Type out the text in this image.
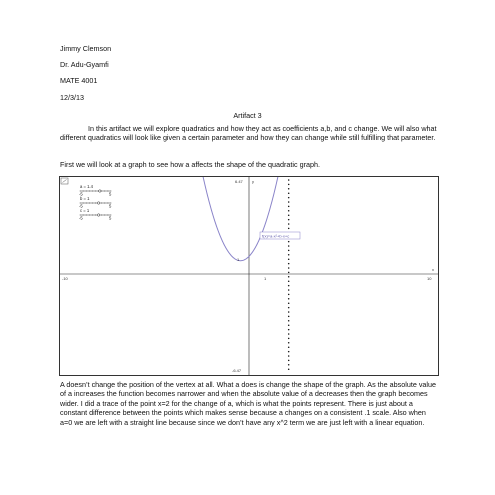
Jimmy Clemson
Dr. Adu-Gyamfi
MATE 4001
12/3/13
Artifact 3
In this artifact we will explore quadratics and how they act as coefficients a,b, and c change. We will also what different quadratics will look like given a certain parameter and how they can change while still fulfilling that parameter.
First we will look at a graph to see how a affects the shape of the quadratic graph.
-10	10
x
6.47 y
-6.47
1
1
f(x)=a·x²+b·x+c
a = 1.4
-5	5
b = 1
-5	5
c = 1
-5	5
A doesn’t change the position of the vertex at all. What a does is change the shape of the graph. As the absolute value of a increases the function becomes narrower and when the absolute value of a decreases then the graph becomes wider. I did a trace of the point x=2 for the change of a, which is what the points represent. There is just about a constant difference between the points which makes sense because a changes on a consistent .1 scale. Also when a=0 we are left with a straight line because since we don’t have any x^2 term we are just left with a linear equation.
